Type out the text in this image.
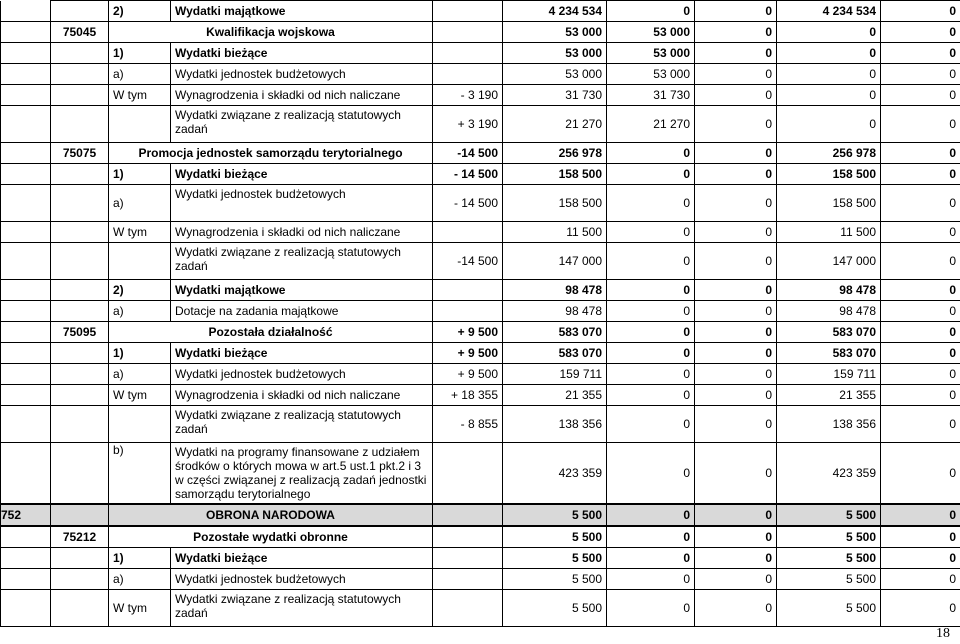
		2)	Wydatki majątkowe		4 234 534	0	0	4 234 534	0
	75045	Kwalifikacja wojskowa			53 000	53 000	0	0	0
		1)	Wydatki bieżące		53 000	53 000	0	0	0
		a)	Wydatki jednostek budżetowych		53 000	53 000	0	0	0
		W tym	Wynagrodzenia i składki od nich naliczane	- 3 190	31 730	31 730	0	0	0
			Wydatki związane z realizacją statutowych zadań	+ 3 190	21 270	21 270	0	0	0
	75075	Promocja jednostek samorządu terytorialnego		-14 500	256 978	0	0	256 978	0
		1)	Wydatki bieżące	- 14 500	158 500	0	0	158 500	0
		a)	Wydatki jednostek budżetowych	- 14 500	158 500	0	0	158 500	0
		W tym	Wynagrodzenia i składki od nich naliczane		11 500	0	0	11 500	0
			Wydatki związane z realizacją statutowych zadań	-14 500	147 000	0	0	147 000	0
		2)	Wydatki majątkowe		98 478	0	0	98 478	0
		a)	Dotacje na zadania majątkowe		98 478	0	0	98 478	0
	75095	Pozostała działalność		+ 9 500	583 070	0	0	583 070	0
		1)	Wydatki bieżące	+ 9 500	583 070	0	0	583 070	0
		a)	Wydatki jednostek budżetowych	+ 9 500	159 711	0	0	159 711	0
		W tym	Wynagrodzenia i składki od nich naliczane	+ 18 355	21 355	0	0	21 355	0
			Wydatki związane z realizacją statutowych zadań	- 8 855	138 356	0	0	138 356	0
		b)	Wydatki na programy finansowane z udziałem środków o których mowa w art.5 ust.1 pkt.2 i 3 w części związanej z realizacją zadań jednostki samorządu terytorialnego		423 359	0	0	423 359	0
752		OBRONA NARODOWA			5 500	0	0	5 500	0
	75212	Pozostałe wydatki obronne			5 500	0	0	5 500	0
		1)	Wydatki bieżące		5 500	0	0	5 500	0
		a)	Wydatki jednostek budżetowych		5 500	0	0	5 500	0
		W tym	Wydatki związane z realizacją statutowych zadań		5 500	0	0	5 500	0
18
